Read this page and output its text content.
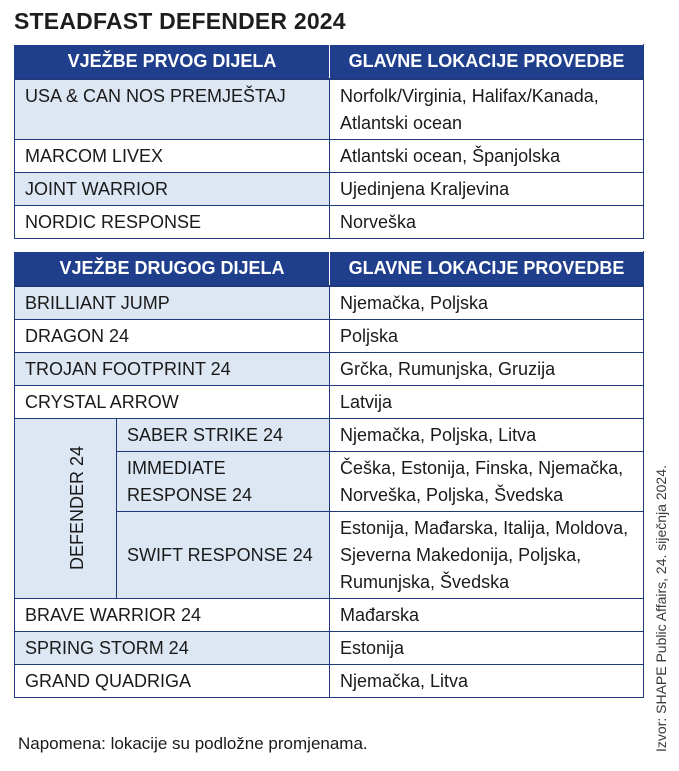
STEADFAST DEFENDER 2024
VJEŽBE PRVOG DIJELA	GLAVNE LOKACIJE PROVEDBE
USA & CAN NOS PREMJEŠTAJ	Norfolk/Virginia, Halifax/Kanada, Atlantski ocean
MARCOM LIVEX	Atlantski ocean, Španjolska
JOINT WARRIOR	Ujedinjena Kraljevina
NORDIC RESPONSE	Norveška
VJEŽBE DRUGOG DIJELA		GLAVNE LOKACIJE PROVEDBE
BRILLIANT JUMP		Njemačka, Poljska
DRAGON 24		Poljska
TROJAN FOOTPRINT 24		Grčka, Rumunjska, Gruzija
CRYSTAL ARROW		Latvija
DEFENDER 24	SABER STRIKE 24	Njemačka, Poljska, Litva
	IMMEDIATE RESPONSE 24	Češka, Estonija, Finska, Njemačka, Norveška, Poljska, Švedska
	SWIFT RESPONSE 24	Estonija, Mađarska, Italija, Moldova, Sjeverna Makedonija, Poljska, Rumunjska, Švedska
BRAVE WARRIOR 24		Mađarska
SPRING STORM 24		Estonija
GRAND QUADRIGA		Njemačka, Litva
Napomena: lokacije su podložne promjenama.	Izvor: SHAPE Public Affairs, 24. siječnja 2024.
